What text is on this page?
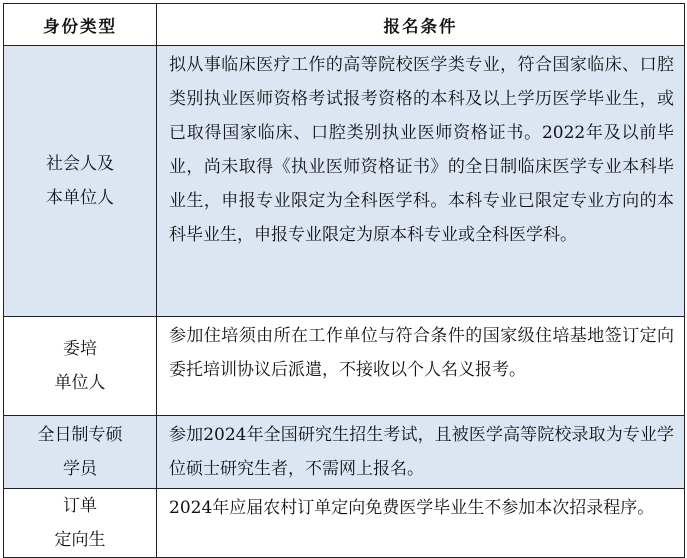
身份类型	报名条件
社会人及
本单位人	拟从事临床医疗工作的高等院校医学类专业，符合国家临床、口腔类别执业医师资格考试报考资格的本科及以上学历医学毕业生，或已取得国家临床、口腔类别执业医师资格证书。2022年及以前毕业，尚未取得《执业医师资格证书》的全日制临床医学专业本科毕业生，申报专业限定为全科医学科。本科专业已限定专业方向的本科毕业生，申报专业限定为原本科专业或全科医学科。
委培
单位人	参加住培须由所在工作单位与符合条件的国家级住培基地签订定向委托培训协议后派遣，不接收以个人名义报考。
全日制专硕
学员	参加2024年全国研究生招生考试，且被医学高等院校录取为专业学位硕士研究生者，不需网上报名。
订单
定向生	2024年应届农村订单定向免费医学毕业生不参加本次招录程序。
